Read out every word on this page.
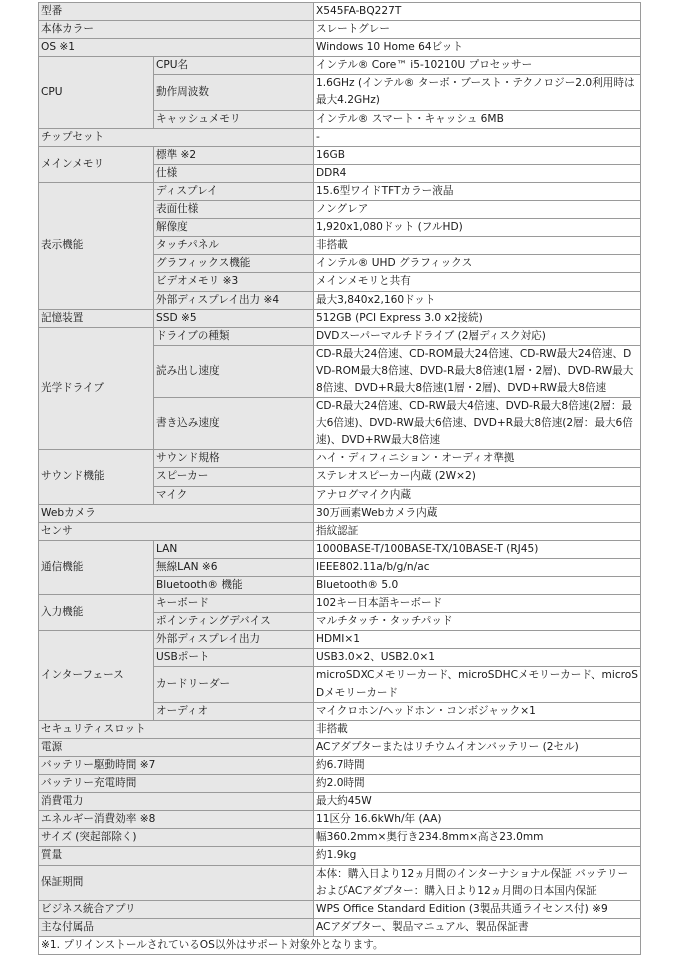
型番		X545FA-BQ227T
本体カラー		スレートグレー
OS ※1		Windows 10 Home 64ビット
CPU	CPU名	インテル® Core™ i5-10210U プロセッサー
	動作周波数	1.6GHz (インテル® ターボ・ブースト・テクノロジー2.0利用時は最大4.2GHz)
	キャッシュメモリ	インテル® スマート・キャッシュ 6MB
チップセット		-
メインメモリ	標準 ※2	16GB
	仕様	DDR4
表示機能	ディスプレイ	15.6型ワイドTFTカラー液晶
	表面仕様	ノングレア
	解像度	1,920x1,080ドット (フルHD)
	タッチパネル	非搭載
	グラフィックス機能	インテル® UHD グラフィックス
	ビデオメモリ ※3	メインメモリと共有
	外部ディスプレイ出力 ※4	最大3,840x2,160ドット
記憶装置	SSD ※5	512GB (PCI Express 3.0 x2接続)
光学ドライブ	ドライブの種類	DVDスーパーマルチドライブ (2層ディスク対応)
	読み出し速度	CD-R最大24倍速、CD-ROM最大24倍速、CD-RW最大24倍速、DVD-ROM最大8倍速、DVD-R最大8倍速(1層・2層)、DVD-RW最大8倍速、DVD+R最大8倍速(1層・2層)、DVD+RW最大8倍速
	書き込み速度	CD-R最大24倍速、CD-RW最大4倍速、DVD-R最大8倍速(2層：最大6倍速)、DVD-RW最大6倍速、DVD+R最大8倍速(2層：最大6倍速)、DVD+RW最大8倍速
サウンド機能	サウンド規格	ハイ・ディフィニション・オーディオ準拠
	スピーカー	ステレオスピーカー内蔵 (2W×2)
	マイク	アナログマイク内蔵
Webカメラ		30万画素Webカメラ内蔵
センサ		指紋認証
通信機能	LAN	1000BASE-T/100BASE-TX/10BASE-T (RJ45)
	無線LAN ※6	IEEE802.11a/b/g/n/ac
	Bluetooth® 機能	Bluetooth® 5.0
入力機能	キーボード	102キー日本語キーボード
	ポインティングデバイス	マルチタッチ・タッチパッド
インターフェース	外部ディスプレイ出力	HDMI×1
	USBポート	USB3.0×2、USB2.0×1
	カードリーダー	microSDXCメモリーカード、microSDHCメモリーカード、microSDメモリーカード
	オーディオ	マイクロホン/ヘッドホン・コンボジャック×1
セキュリティスロット		非搭載
電源		ACアダプターまたはリチウムイオンバッテリー (2セル)
バッテリー駆動時間 ※7		約6.7時間
バッテリー充電時間		約2.0時間
消費電力		最大約45W
エネルギー消費効率 ※8		11区分 16.6kWh/年 (AA)
サイズ (突起部除く)		幅360.2mm×奥行き234.8mm×高さ23.0mm
質量		約1.9kg
保証期間		本体：購入日より12ヵ月間のインターナショナル保証 バッテリーおよびACアダプター：購入日より12ヵ月間の日本国内保証
ビジネス統合アプリ		WPS Office Standard Edition (3製品共通ライセンス付) ※9
主な付属品		ACアダプター、製品マニュアル、製品保証書
※1. プリインストールされているOS以外はサポート対象外となります。		
